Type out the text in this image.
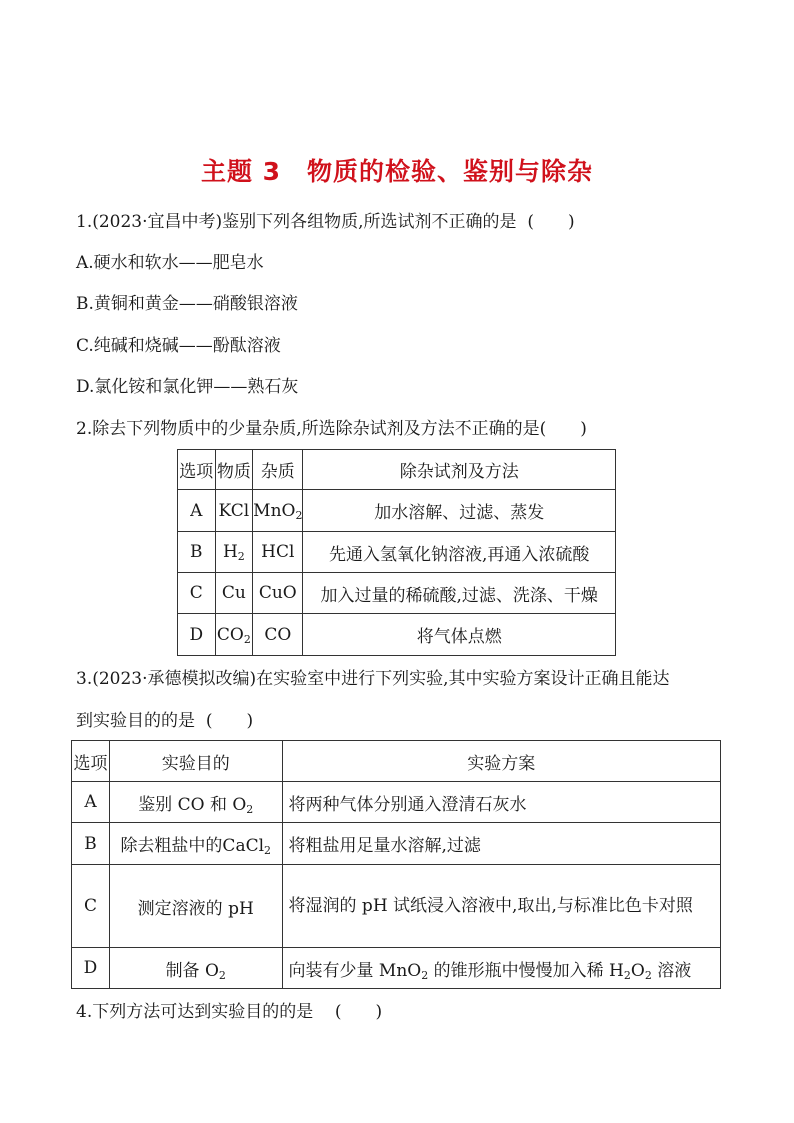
主题 3　物质的检验、鉴别与除杂
1.(2023·宜昌中考)鉴别下列各组物质,所选试剂不正确的是 (　　)
A.硬水和软水——肥皂水
B.黄铜和黄金——硝酸银溶液
C.纯碱和烧碱——酚酞溶液
D.氯化铵和氯化钾——熟石灰
2.除去下列物质中的少量杂质,所选除杂试剂及方法不正确的是(　　)
选项	物质	杂质	除杂试剂及方法
A	KCl	MnO$_2$	加水溶解、过滤、蒸发
B	$H_2$	HCl	先通入氢氧化钠溶液,再通入浓硫酸
C	Cu	CuO	加入过量的稀硫酸,过滤、洗涤、干燥
D	$CO_2$	CO	将气体点燃
3.(2023·承德模拟改编)在实验室中进行下列实验,其中实验方案设计正确且能达
到实验目的的是 (　　)
选项	实验目的	实验方案
A	鉴别 CO 和 $O_2$	将两种气体分别通入澄清石灰水
B	除去粗盐中的CaCl$_2$	将粗盐用足量水溶解,过滤
C	测定溶液的 pH	将湿润的 pH 试纸浸入溶液中,取出,与标准比色卡对照
D	制备 $O_2$	向装有少量 MnO$_2$ 的锥形瓶中慢慢加入稀 $H_2O_2$ 溶液
4.下列方法可达到实验目的的是 (　　)
